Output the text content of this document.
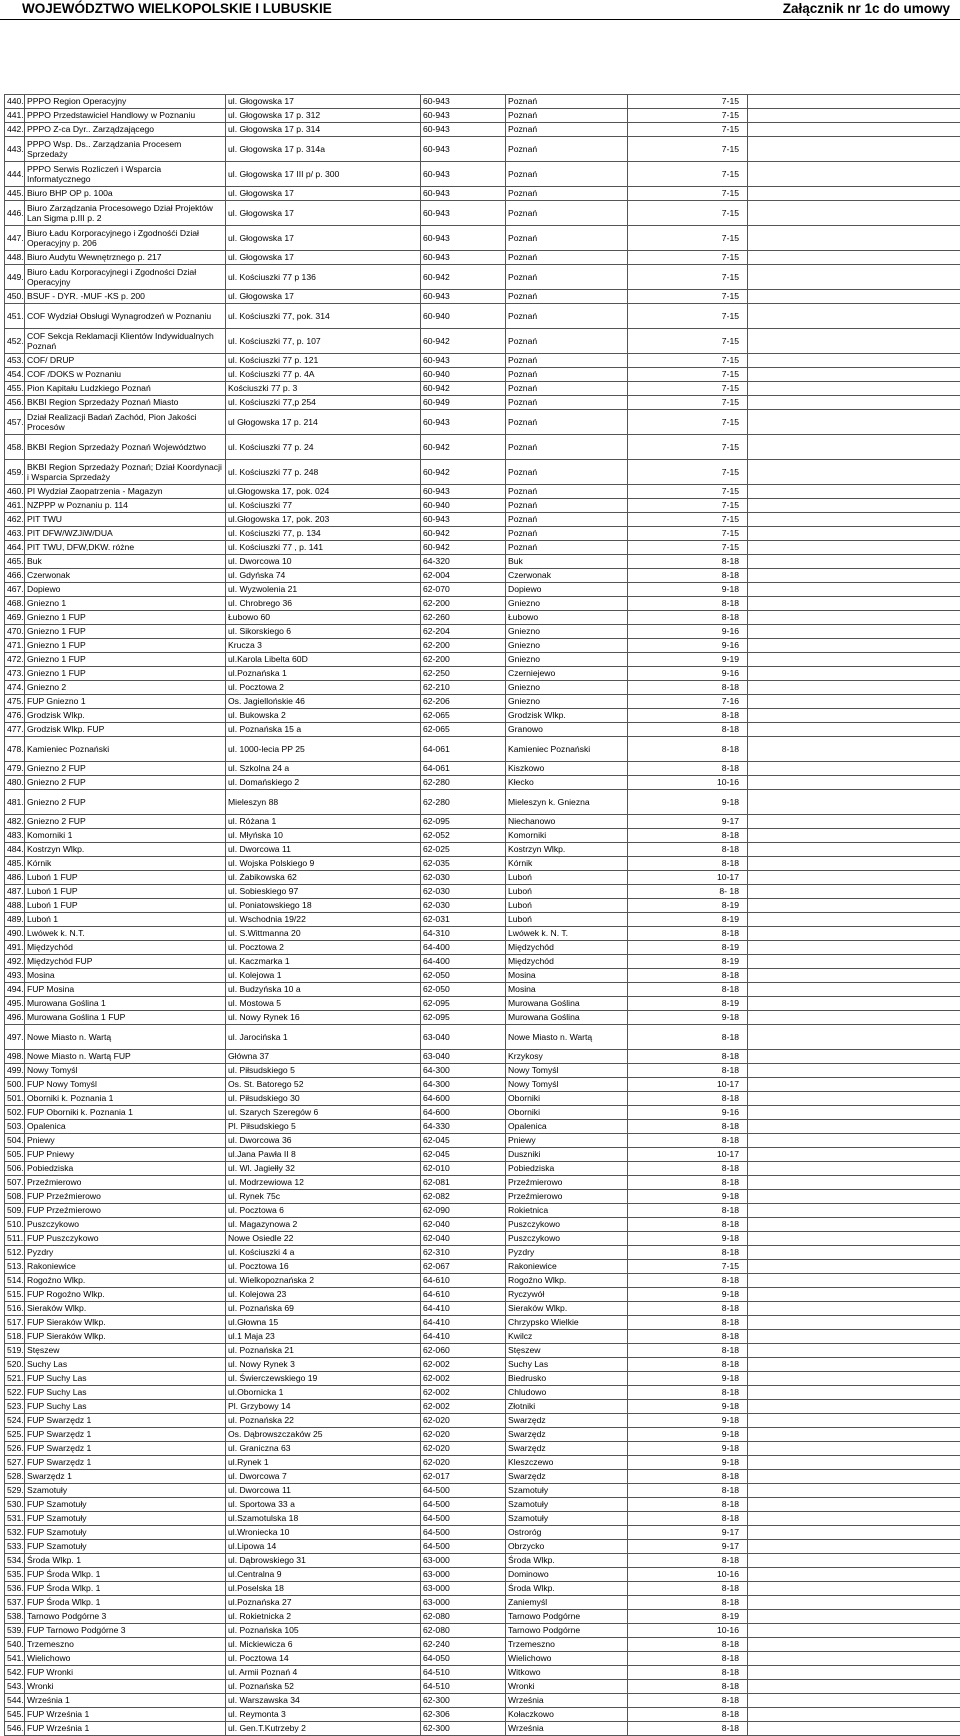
WOJEWÓDZTWO WIELKOPOLSKIE I LUBUSKIE	Załącznik nr 1c do umowy
440.	PPPO Region Operacyjny	ul. Głogowska 17	60-943	Poznań	7-15	
441.	PPPO Przedstawiciel Handlowy w Poznaniu	ul. Głogowska 17 p. 312	60-943	Poznań	7-15	
442.	PPPO Z-ca Dyr.. Zarządzającego	ul. Głogowska 17 p. 314	60-943	Poznań	7-15	
443.	PPPO Wsp. Ds.. Zarządzania Procesem Sprzedaży	ul. Głogowska 17 p. 314a	60-943	Poznań	7-15	
444.	PPPO Serwis Rozliczeń i Wsparcia Informatycznego	ul. Głogowska 17 III p/ p. 300	60-943	Poznań	7-15	
445.	Biuro BHP OP p. 100a	ul. Głogowska 17	60-943	Poznań	7-15	
446.	Biuro Zarządzania Procesowego Dział Projektów Lan Sigma p.III p. 2	ul. Głogowska 17	60-943	Poznań	7-15	
447.	Biuro Ładu Korporacyjnego i Zgodnośći Dział Operacyjny p. 206	ul. Głogowska 17	60-943	Poznań	7-15	
448.	Biuro Audytu Wewnętrznego p. 217	ul. Głogowska 17	60-943	Poznań	7-15	
449.	Biuro Ładu Korporacyjnegi i Zgodności Dział Operacyjny	ul. Kościuszki 77 p 136	60-942	Poznań	7-15	
450.	BSUF - DYR. -MUF -KS p. 200	ul. Głogowska 17	60-943	Poznań	7-15	
451.	COF Wydział Obsługi Wynagrodzeń w Poznaniu	ul. Kościuszki 77, pok. 314	60-940	Poznań	7-15	
452.	COF Sekcja Reklamacji Klientów Indywidualnych Poznań	ul. Kościuszki 77, p. 107	60-942	Poznań	7-15	
453.	COF/ DRUP	ul. Kościuszki 77 p. 121	60-943	Poznań	7-15	
454.	COF /DOKS w Poznaniu	ul. Kościuszki 77 p. 4A	60-940	Poznań	7-15	
455.	Pion Kapitału Ludzkiego Poznań	Kościuszki 77 p. 3	60-942	Poznań	7-15	
456.	BKBI Region Sprzedaży Poznań Miasto	ul. Kościuszki 77,p 254	60-949	Poznań	7-15	
457.	Dział Realizacji Badań Zachód, Pion Jakości Procesów	ul Głogowska 17 p. 214	60-943	Poznań	7-15	
458.	BKBI Region Sprzedaży Poznań Województwo	ul. Kościuszki 77 p. 24	60-942	Poznań	7-15	
459.	BKBI Region Sprzedaży Poznań; Dział Koordynacji i Wsparcia Sprzedaży	ul. Kościuszki 77 p. 248	60-942	Poznań	7-15	
460.	PI Wydział Zaopatrzenia - Magazyn	ul.Głogowska 17, pok. 024	60-943	Poznań	7-15	
461.	NZPPP w Poznaniu p. 114	ul. Kościuszki 77	60-940	Poznań	7-15	
462.	PIT TWU	ul.Głogowska 17, pok. 203	60-943	Poznań	7-15	
463.	PIT DFW/WZJiW/DUA	ul. Kościuszki 77, p. 134	60-942	Poznań	7-15	
464.	PIT TWU, DFW,DKW. różne	ul. Kościuszki 77 , p. 141	60-942	Poznań	7-15	
465.	Buk	ul. Dworcowa 10	64-320	Buk	8-18	
466.	Czerwonak	ul. Gdyńska 74	62-004	Czerwonak	8-18	
467.	Dopiewo	ul. Wyzwolenia 21	62-070	Dopiewo	9-18	
468.	Gniezno 1	ul. Chrobrego 36	62-200	Gniezno	8-18	
469.	Gniezno 1 FUP	Łubowo 60	62-260	Łubowo	8-18	
470.	Gniezno 1 FUP	ul. Sikorskiego 6	62-204	Gniezno	9-16	
471.	Gniezno 1 FUP	Krucza 3	62-200	Gniezno	9-16	
472.	Gniezno 1 FUP	ul.Karola Libelta 60D	62-200	Gniezno	9-19	
473.	Gniezno 1 FUP	ul.Poznańska 1	62-250	Czerniejewo	9-16	
474.	Gniezno 2	ul. Pocztowa 2	62-210	Gniezno	8-18	
475.	FUP Gniezno 1	Os. Jagiellońskie 46	62-206	Gniezno	7-16	
476.	Grodzisk Wlkp.	ul. Bukowska 2	62-065	Grodzisk Wlkp.	8-18	
477.	Grodzisk Wlkp. FUP	ul. Poznańska 15 a	62-065	Granowo	8-18	
478.	Kamieniec Poznański	ul. 1000-lecia PP 25	64-061	Kamieniec Poznański	8-18	
479.	Gniezno 2 FUP	ul. Szkolna 24 a	64-061	Kiszkowo	8-18	
480.	Gniezno 2 FUP	ul. Domańskiego 2	62-280	Kłecko	10-16	
481.	Gniezno 2 FUP	Mieleszyn 88	62-280	Mieleszyn k. Gniezna	9-18	
482.	Gniezno 2 FUP	ul. Różana 1	62-095	Niechanowo	9-17	
483.	Komorniki 1	ul. Młyńska 10	62-052	Komorniki	8-18	
484.	Kostrzyn Wlkp.	ul. Dworcowa 11	62-025	Kostrzyn Wlkp.	8-18	
485.	Kórnik	ul. Wojska Polskiego 9	62-035	Kórnik	8-18	
486.	Luboń 1 FUP	ul. Żabikowska 62	62-030	Luboń	10-17	
487.	Luboń 1 FUP	ul. Sobieskiego 97	62-030	Luboń	8- 18	
488.	Luboń 1 FUP	ul. Poniatowskiego 18	62-030	Luboń	8-19	
489.	Luboń 1	ul. Wschodnia 19/22	62-031	Luboń	8-19	
490.	Lwówek k. N.T.	ul. S.Wittmanna 20	64-310	Lwówek k. N. T.	8-18	
491.	Międzychód	ul. Pocztowa 2	64-400	Międzychód	8-19	
492.	Międzychód FUP	ul. Kaczmarka 1	64-400	Międzychód	8-19	
493.	Mosina	ul. Kolejowa 1	62-050	Mosina	8-18	
494.	FUP Mosina	ul. Budzyńska 10 a	62-050	Mosina	8-18	
495.	Murowana Goślina 1	ul. Mostowa 5	62-095	Murowana Goślina	8-19	
496.	Murowana Goślina 1 FUP	ul. Nowy Rynek 16	62-095	Murowana Goślina	9-18	
497.	Nowe Miasto n. Wartą	ul. Jarocińska 1	63-040	Nowe Miasto n. Wartą	8-18	
498.	Nowe Miasto n. Wartą FUP	Główna 37	63-040	Krzykosy	8-18	
499.	Nowy Tomyśl	ul. Piłsudskiego 5	64-300	Nowy Tomyśl	8-18	
500.	FUP Nowy Tomyśl	Os. St. Batorego 52	64-300	Nowy Tomyśl	10-17	
501.	Oborniki k. Poznania 1	ul. Piłsudskiego 30	64-600	Oborniki	8-18	
502.	FUP Oborniki k. Poznania 1	ul. Szarych Szeregów 6	64-600	Oborniki	9-16	
503.	Opalenica	Pl. Piłsudskiego 5	64-330	Opalenica	8-18	
504.	Pniewy	ul. Dworcowa 36	62-045	Pniewy	8-18	
505.	FUP Pniewy	ul.Jana Pawła II 8	62-045	Duszniki	10-17	
506.	Pobiedziska	ul. Wl. Jagiełły 32	62-010	Pobiedziska	8-18	
507.	Przeźmierowo	ul. Modrzewiowa 12	62-081	Przeźmierowo	8-18	
508.	FUP Przeźmierowo	ul. Rynek 75c	62-082	Przeźmierowo	9-18	
509.	FUP Przeźmierowo	ul. Pocztowa 6	62-090	Rokietnica	8-18	
510.	Puszczykowo	ul. Magazynowa 2	62-040	Puszczykowo	8-18	
511.	FUP Puszczykowo	Nowe Osiedle 22	62-040	Puszczykowo	9-18	
512.	Pyzdry	ul. Kościuszki 4 a	62-310	Pyzdry	8-18	
513.	Rakoniewice	ul. Pocztowa 16	62-067	Rakoniewice	7-15	
514.	Rogoźno Wlkp.	ul. Wielkopoznańska 2	64-610	Rogoźno Wlkp.	8-18	
515.	FUP Rogoźno Wlkp.	ul. Kolejowa 23	64-610	Ryczywół	9-18	
516.	Sieraków Wlkp.	ul. Poznańska 69	64-410	Sieraków Wlkp.	8-18	
517.	FUP Sieraków Wlkp.	ul.Głowna 15	64-410	Chrzypsko Wielkie	8-18	
518.	FUP Sieraków Wlkp.	ul.1 Maja 23	64-410	Kwilcz	8-18	
519.	Stęszew	ul. Poznańska 21	62-060	Stęszew	8-18	
520.	Suchy Las	ul. Nowy Rynek 3	62-002	Suchy Las	8-18	
521.	FUP Suchy Las	ul. Świerczewskiego 19	62-002	Biedrusko	9-18	
522.	FUP Suchy Las	ul.Obornicka 1	62-002	Chludowo	8-18	
523.	FUP Suchy Las	Pl. Grzybowy 14	62-002	Złotniki	9-18	
524.	FUP Swarzędz 1	ul. Poznańska 22	62-020	Swarzędz	9-18	
525.	FUP Swarzędz 1	Os. Dąbrowszczaków 25	62-020	Swarzędz	9-18	
526.	FUP Swarzędz 1	ul. Graniczna 63	62-020	Swarzędz	9-18	
527.	FUP Swarzędz 1	ul.Rynek 1	62-020	Kleszczewo	9-18	
528.	Swarzędz 1	ul. Dworcowa 7	62-017	Swarzędz	8-18	
529.	Szamotuły	ul. Dworcowa 11	64-500	Szamotuły	8-18	
530.	FUP Szamotuły	ul. Sportowa 33 a	64-500	Szamotuły	8-18	
531.	FUP Szamotuły	ul.Szamotulska 18	64-500	Szamotuły	8-18	
532.	FUP Szamotuły	ul.Wroniecka 10	64-500	Ostroróg	9-17	
533.	FUP Szamotuły	ul.Lipowa 14	64-500	Obrzycko	9-17	
534.	Środa Wlkp. 1	ul. Dąbrowskiego 31	63-000	Środa Wlkp.	8-18	
535.	FUP Środa Wlkp. 1	ul.Centralna 9	63-000	Dominowo	10-16	
536.	FUP Środa Wlkp. 1	ul.Poselska 18	63-000	Środa Wlkp.	8-18	
537.	FUP Środa Wlkp. 1	ul.Poznańska 27	63-000	Zaniemyśl	8-18	
538.	Tarnowo Podgórne 3	ul. Rokietnicka 2	62-080	Tarnowo Podgórne	8-19	
539.	FUP Tarnowo Podgórne 3	ul. Poznańska 105	62-080	Tarnowo Podgórne	10-16	
540.	Trzemeszno	ul. Mickiewicza 6	62-240	Trzemeszno	8-18	
541.	Wielichowo	ul. Pocztowa 14	64-050	Wielichowo	8-18	
542.	FUP Wronki	ul. Armii Poznań 4	64-510	Witkowo	8-18	
543.	Wronki	ul. Poznańska 52	64-510	Wronki	8-18	
544.	Września 1	ul. Warszawska 34	62-300	Września	8-18	
545.	FUP Września 1	ul. Reymonta 3	62-306	Kołaczkowo	8-18	
546.	FUP Września 1	ul. Gen.T.Kutrzeby 2	62-300	Września	8-18	
